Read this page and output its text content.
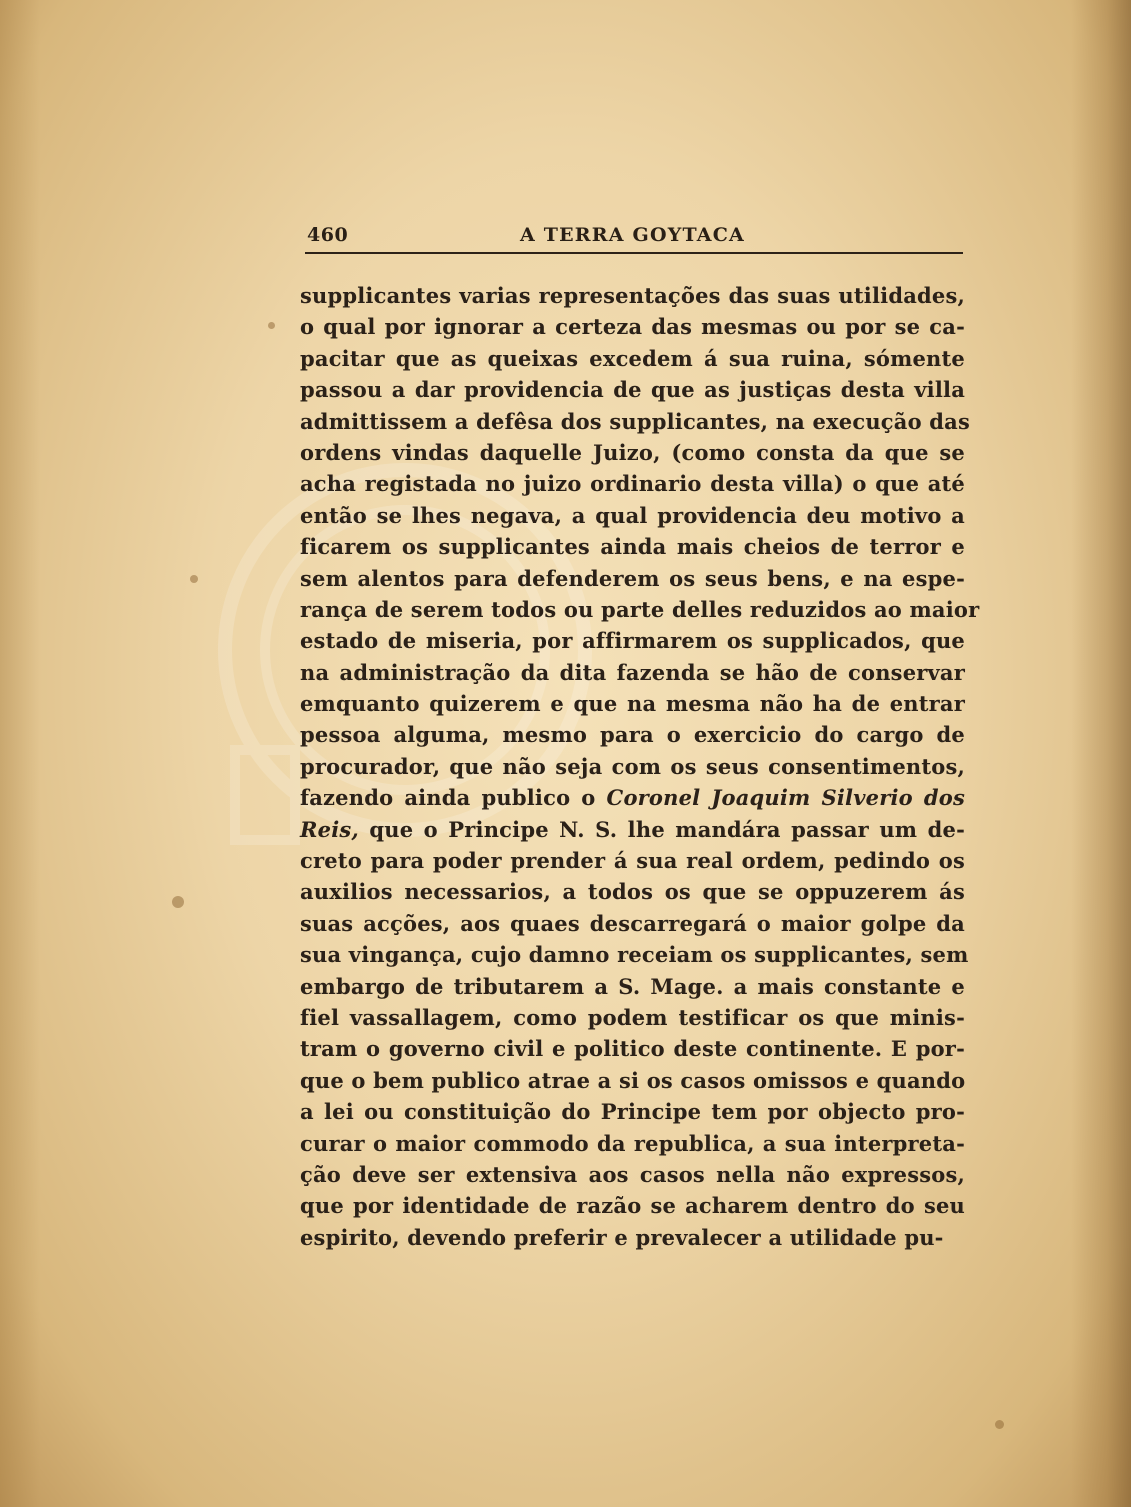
460	A TERRA GOYTACA
supplicantes varias representações das suas utilidades,
o qual por ignorar a certeza das mesmas ou por se ca-
pacitar que as queixas excedem á sua ruina, sómente
passou a dar providencia de que as justiças desta villa
admittissem a defêsa dos supplicantes, na execução das
ordens vindas daquelle Juizo, (como consta da que se
acha registada no juizo ordinario desta villa) o que até
então se lhes negava, a qual providencia deu motivo a
ficarem os supplicantes ainda mais cheios de terror e
sem alentos para defenderem os seus bens, e na espe-
rança de serem todos ou parte delles reduzidos ao maior
estado de miseria, por affirmarem os supplicados, que
na administração da dita fazenda se hão de conservar
emquanto quizerem e que na mesma não ha de entrar
pessoa alguma, mesmo para o exercicio do cargo de
procurador, que não seja com os seus consentimentos,
fazendo ainda publico o Coronel Joaquim Silverio dos
Reis, que o Principe N. S. lhe mandára passar um de-
creto para poder prender á sua real ordem, pedindo os
auxilios necessarios, a todos os que se oppuzerem ás
suas acções, aos quaes descarregará o maior golpe da
sua vingança, cujo damno receiam os supplicantes, sem
embargo de tributarem a S. Mage. a mais constante e
fiel vassallagem, como podem testificar os que minis-
tram o governo civil e politico deste continente. E por-
que o bem publico atrae a si os casos omissos e quando
a lei ou constituição do Principe tem por objecto pro-
curar o maior commodo da republica, a sua interpreta-
ção deve ser extensiva aos casos nella não expressos,
que por identidade de razão se acharem dentro do seu
espirito, devendo preferir e prevalecer a utilidade pu-
